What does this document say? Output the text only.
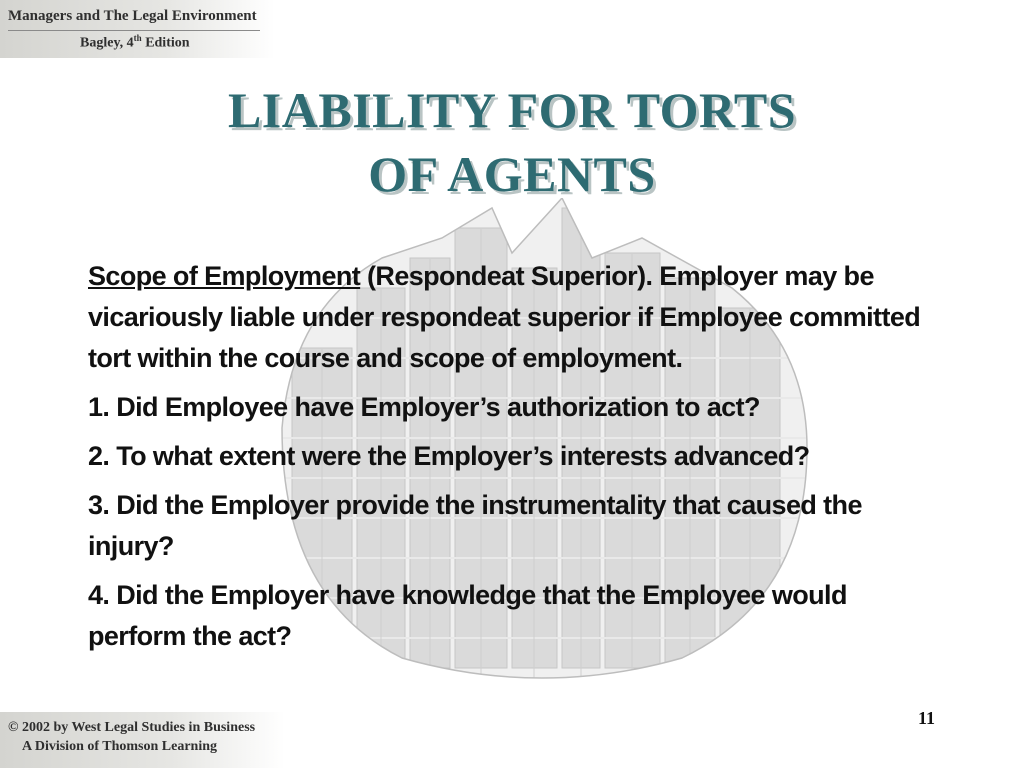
Managers and The Legal Environment
Bagley, 4th Edition
LIABILITY FOR TORTS
OF AGENTS

Scope of Employment (Respondeat Superior). Employer may be vicariously liable under respondeat superior if Employee committed tort within the course and scope of employment.

1. Did Employee have Employer’s authorization to act?

2. To what extent were the Employer’s interests advanced?

3. Did the Employer provide the instrumentality that caused the injury?

4. Did the Employer have knowledge that the Employee would perform the act?

11
© 2002 by West Legal Studies in Business
A Division of Thomson Learning
